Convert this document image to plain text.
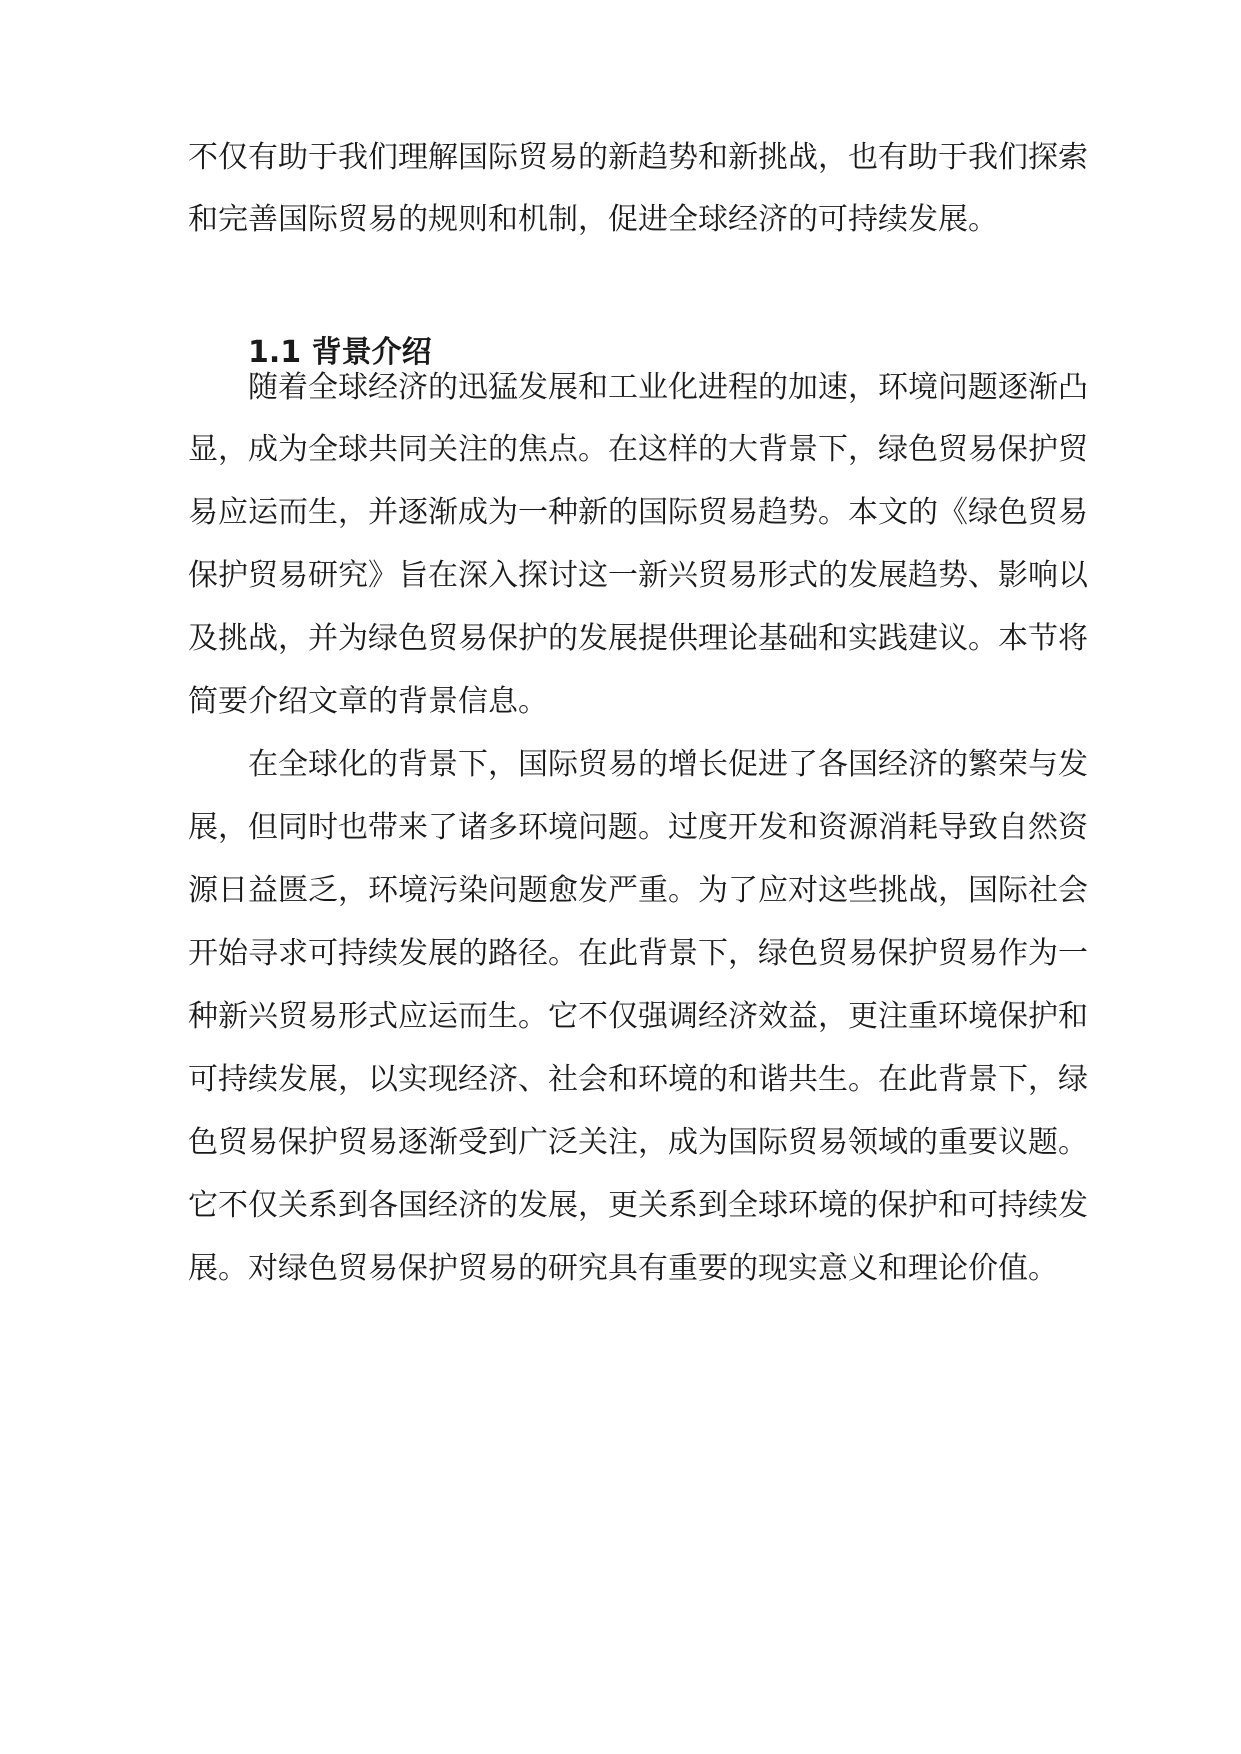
不仅有助于我们理解国际贸易的新趋势和新挑战，也有助于我们探索
和完善国际贸易的规则和机制，促进全球经济的可持续发展。
1.1 背景介绍
随着全球经济的迅猛发展和工业化进程的加速，环境问题逐渐凸
显，成为全球共同关注的焦点。在这样的大背景下，绿色贸易保护贸
易应运而生，并逐渐成为一种新的国际贸易趋势。本文的《绿色贸易
保护贸易研究》旨在深入探讨这一新兴贸易形式的发展趋势、影响以
及挑战，并为绿色贸易保护的发展提供理论基础和实践建议。本节将
简要介绍文章的背景信息。
在全球化的背景下，国际贸易的增长促进了各国经济的繁荣与发
展，但同时也带来了诸多环境问题。过度开发和资源消耗导致自然资
源日益匮乏，环境污染问题愈发严重。为了应对这些挑战，国际社会
开始寻求可持续发展的路径。在此背景下，绿色贸易保护贸易作为一
种新兴贸易形式应运而生。它不仅强调经济效益，更注重环境保护和
可持续发展，以实现经济、社会和环境的和谐共生。在此背景下，绿
色贸易保护贸易逐渐受到广泛关注，成为国际贸易领域的重要议题。
它不仅关系到各国经济的发展，更关系到全球环境的保护和可持续发
展。对绿色贸易保护贸易的研究具有重要的现实意义和理论价值。
